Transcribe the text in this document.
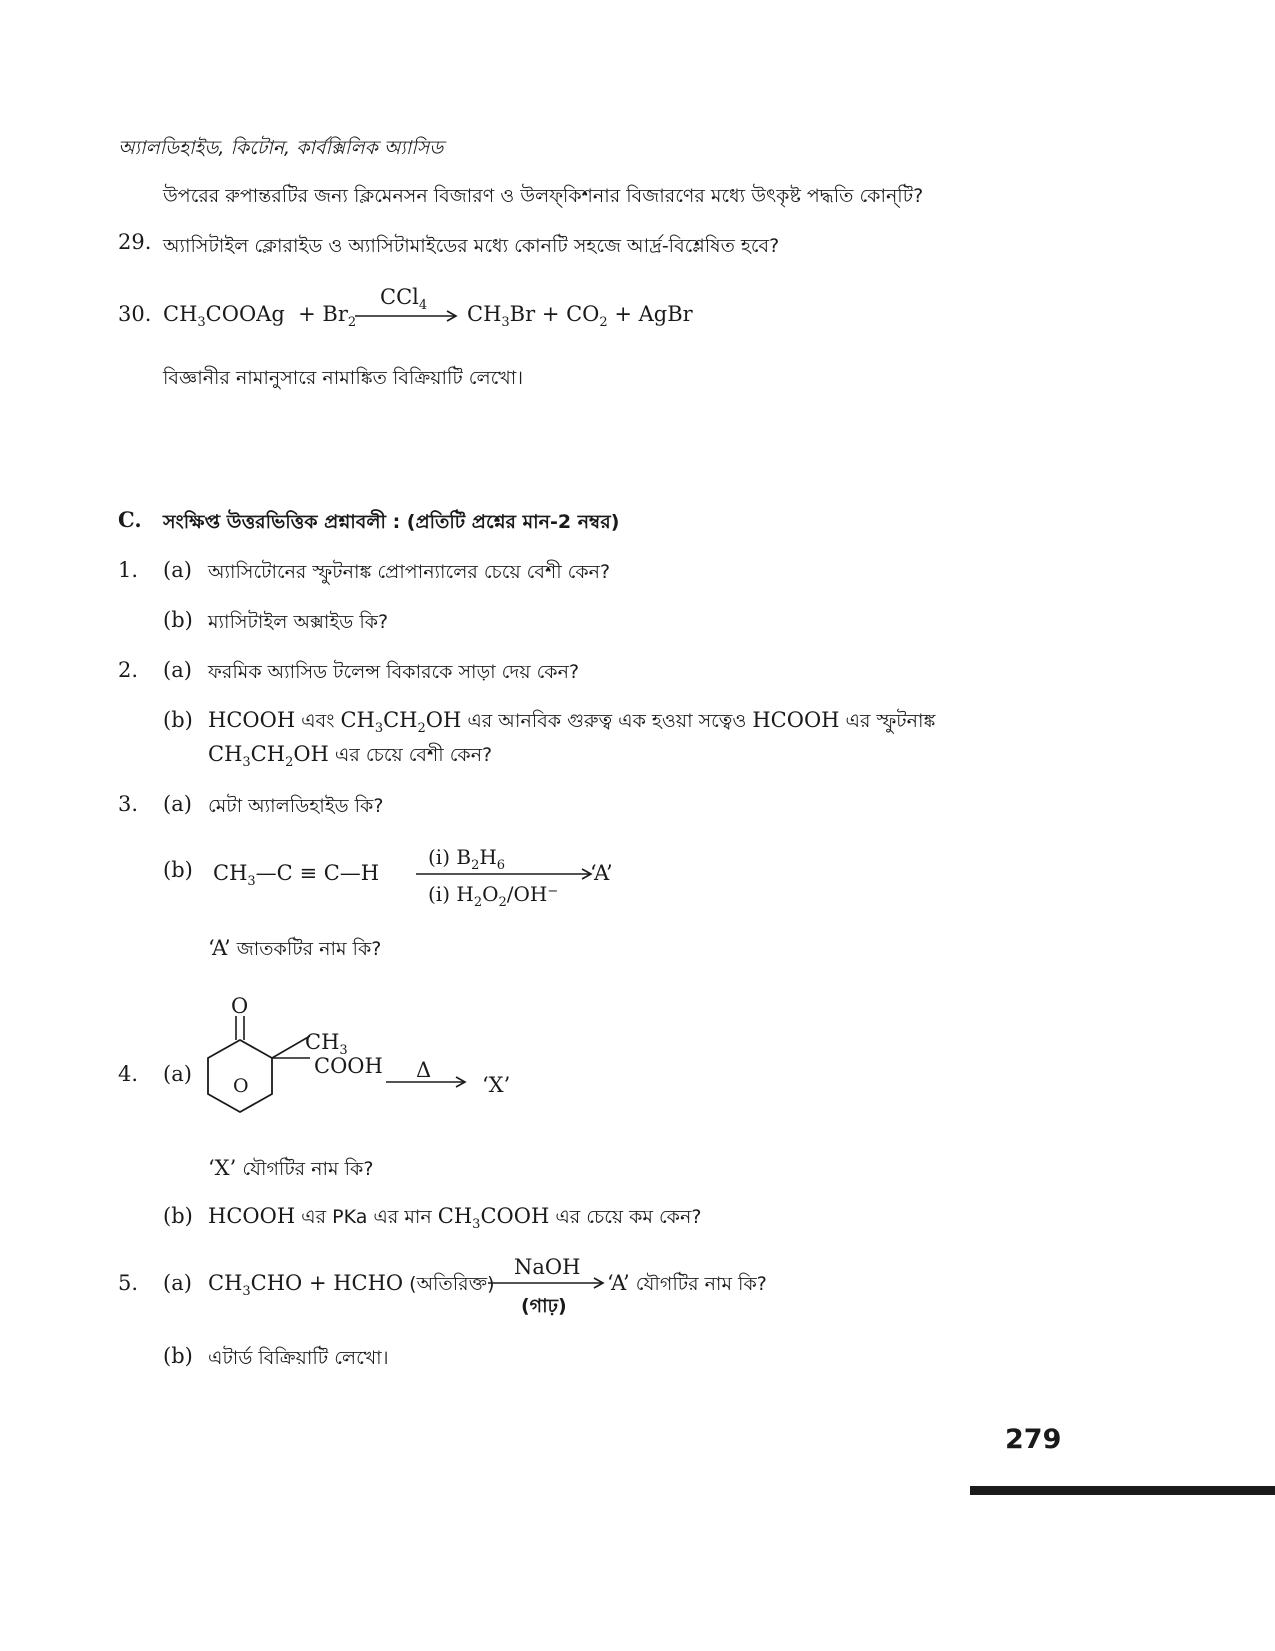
অ্যালডিহাইড, কিটোন, কার্বক্সিলিক অ্যাসিড
উপরের রুপান্তরটির জন্য ক্লিমেনসন বিজারণ ও উলফ্‌কিশনার বিজারণের মধ্যে উৎকৃষ্ট পদ্ধতি কোন্‌টি?
29. অ্যাসিটাইল ক্লোরাইড ও অ্যাসিটামাইডের মধ্যে কোনটি সহজে আর্দ্র-বিশ্লেষিত হবে?
30. $CH_3COOAg + Br_2$
CCl$_4$ $CH_3Br + CO_2$ + AgBr
বিজ্ঞানীর নামানুসারে নামাঙ্কিত বিক্রিয়াটি লেখো।
C. সংক্ষিপ্ত উত্তরভিত্তিক প্রশ্নাবলী : (প্রতিটি প্রশ্নের মান-2 নম্বর)
1. (a) অ্যাসিটোনের স্ফুটনাঙ্ক প্রোপান্যালের চেয়ে বেশী কেন?
(b) ম্যাসিটাইল অক্সাইড কি?
2. (a) ফরমিক অ্যাসিড টলেন্স বিকারকে সাড়া দেয় কেন?
(b) HCOOH এবং $CH_3CH_2OH$ এর আনবিক গুরুত্ব এক হওয়া সত্বেও HCOOH এর স্ফুটনাঙ্ক
$CH_3CH_2OH$ এর চেয়ে বেশী কেন?
3. (a) মেটা অ্যালডিহাইড কি?
(b) $CH_3—C$ ≡ C—H
(i) $B_2H_6$
(i) $H_2O_2/OH^-$
‘A’
‘A’ জাতকটির নাম কি?
4. (a)
O
O
$CH_3$
COOH Δ
‘X’
‘X’ যৌগটির নাম কি?
(b) HCOOH এর PKa এর মান $CH_3COOH$ এর চেয়ে কম কেন?
5. (a) $CH_3CHO$ + HCHO (অতিরিক্ত)
NaOH
(গাঢ়)
‘A’ যৌগটির নাম কি?
(b) এটার্ড বিক্রিয়াটি লেখো।
279
